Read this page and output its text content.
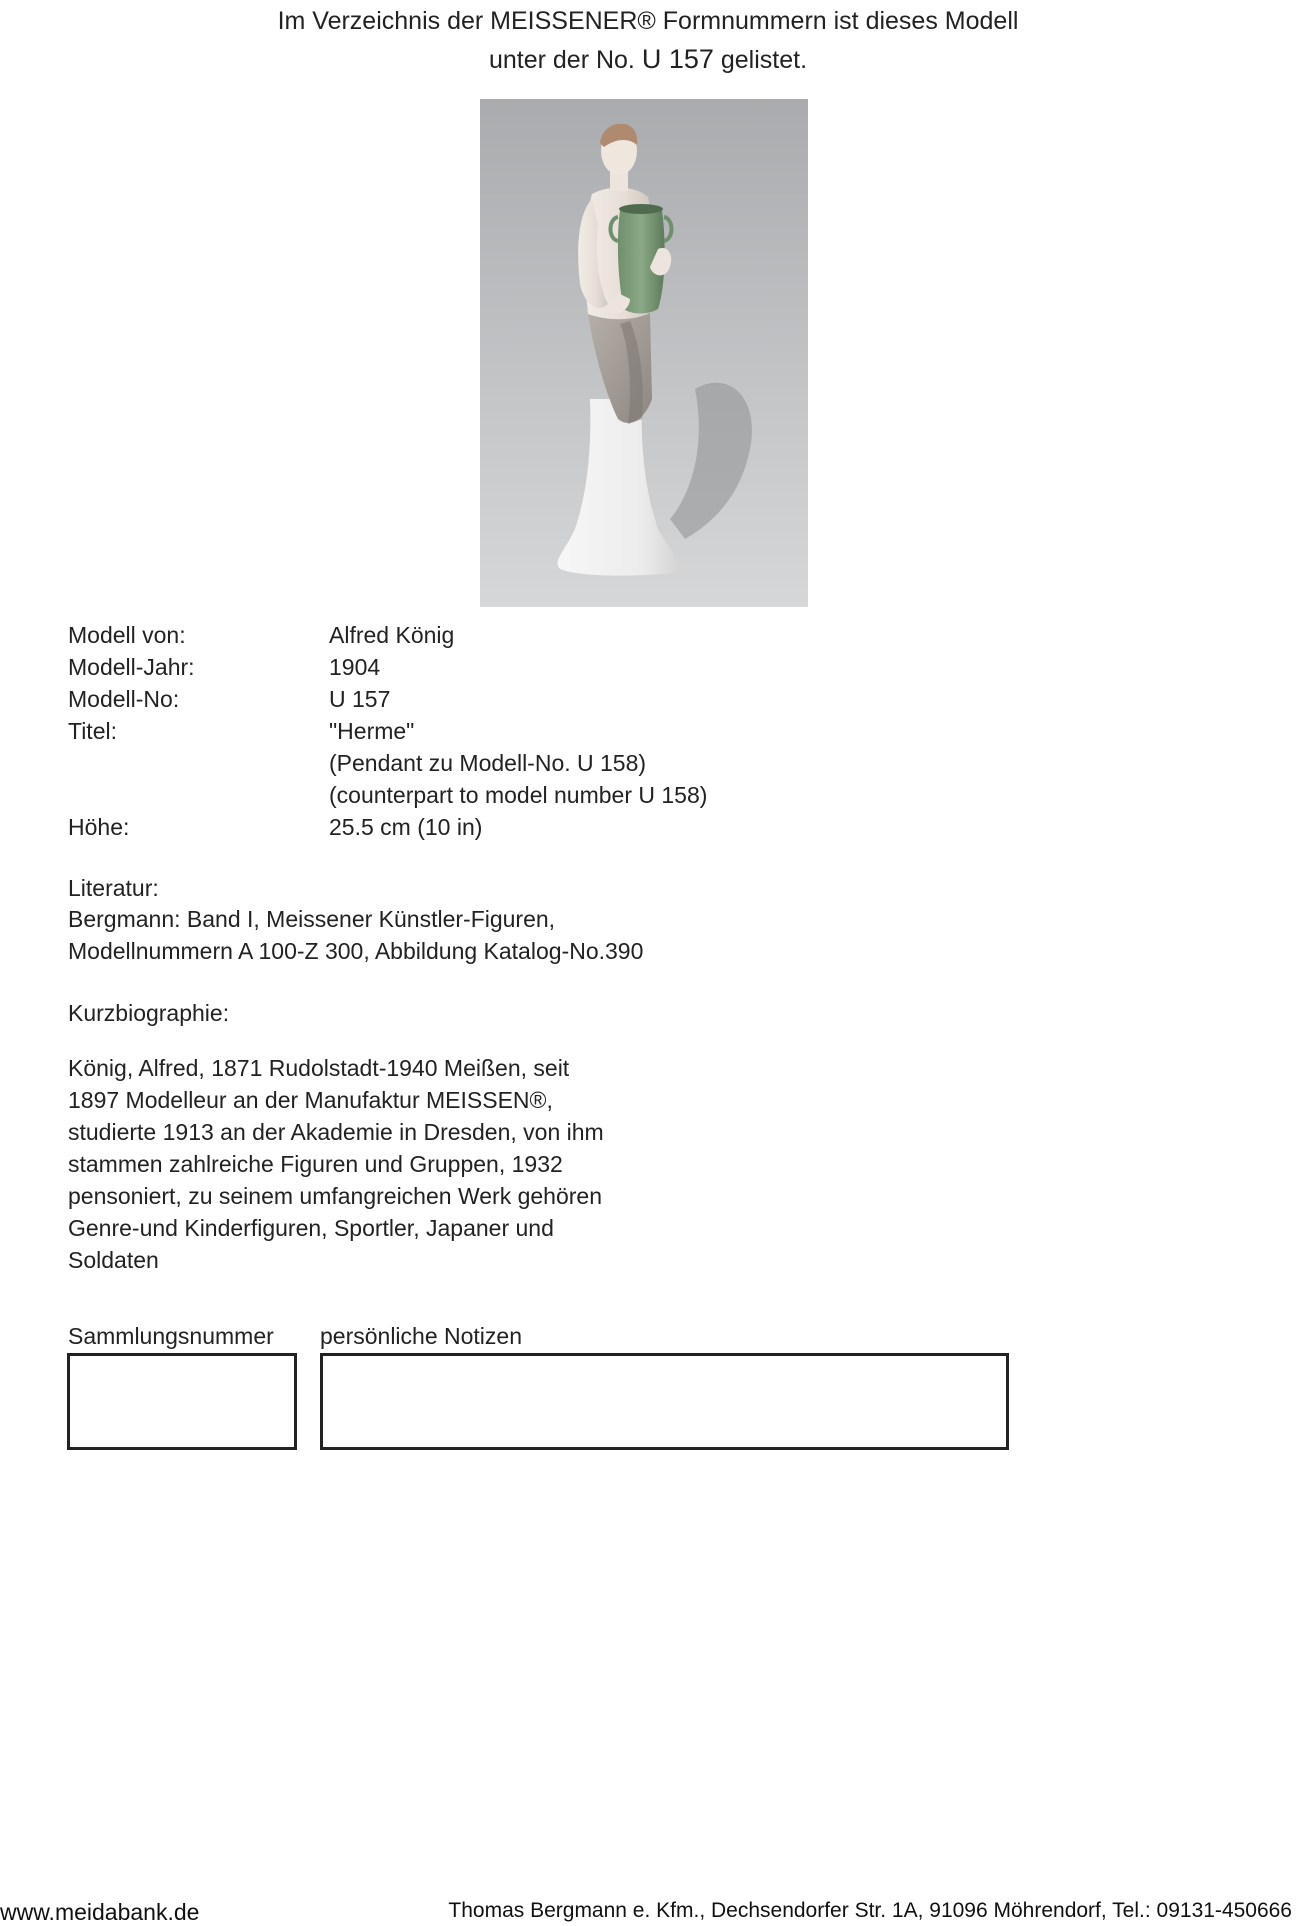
Im Verzeichnis der MEISSENER® Formnummern ist dieses Modell
unter der No. U 157 gelistet.
Modell von:	Alfred König
Modell-Jahr:	1904
Modell-No:	U 157
Titel:	"Herme"
(Pendant zu Modell-No. U 158)
(counterpart to model number U 158)
Höhe:	25.5 cm (10 in)
Literatur:
Bergmann: Band I, Meissener Künstler-Figuren,
Modellnummern A 100-Z 300, Abbildung Katalog-No.390
Kurzbiographie:
König, Alfred, 1871 Rudolstadt-1940 Meißen, seit
1897 Modelleur an der Manufaktur MEISSEN®,
studierte 1913 an der Akademie in Dresden, von ihm
stammen zahlreiche Figuren und Gruppen, 1932
pensoniert, zu seinem umfangreichen Werk gehören
Genre-und Kinderfiguren, Sportler, Japaner und
Soldaten
Sammlungsnummer persönliche Notizen
www.meidabank.de	Thomas Bergmann e. Kfm., Dechsendorfer Str. 1A, 91096 Möhrendorf, Tel.: 09131-450666
